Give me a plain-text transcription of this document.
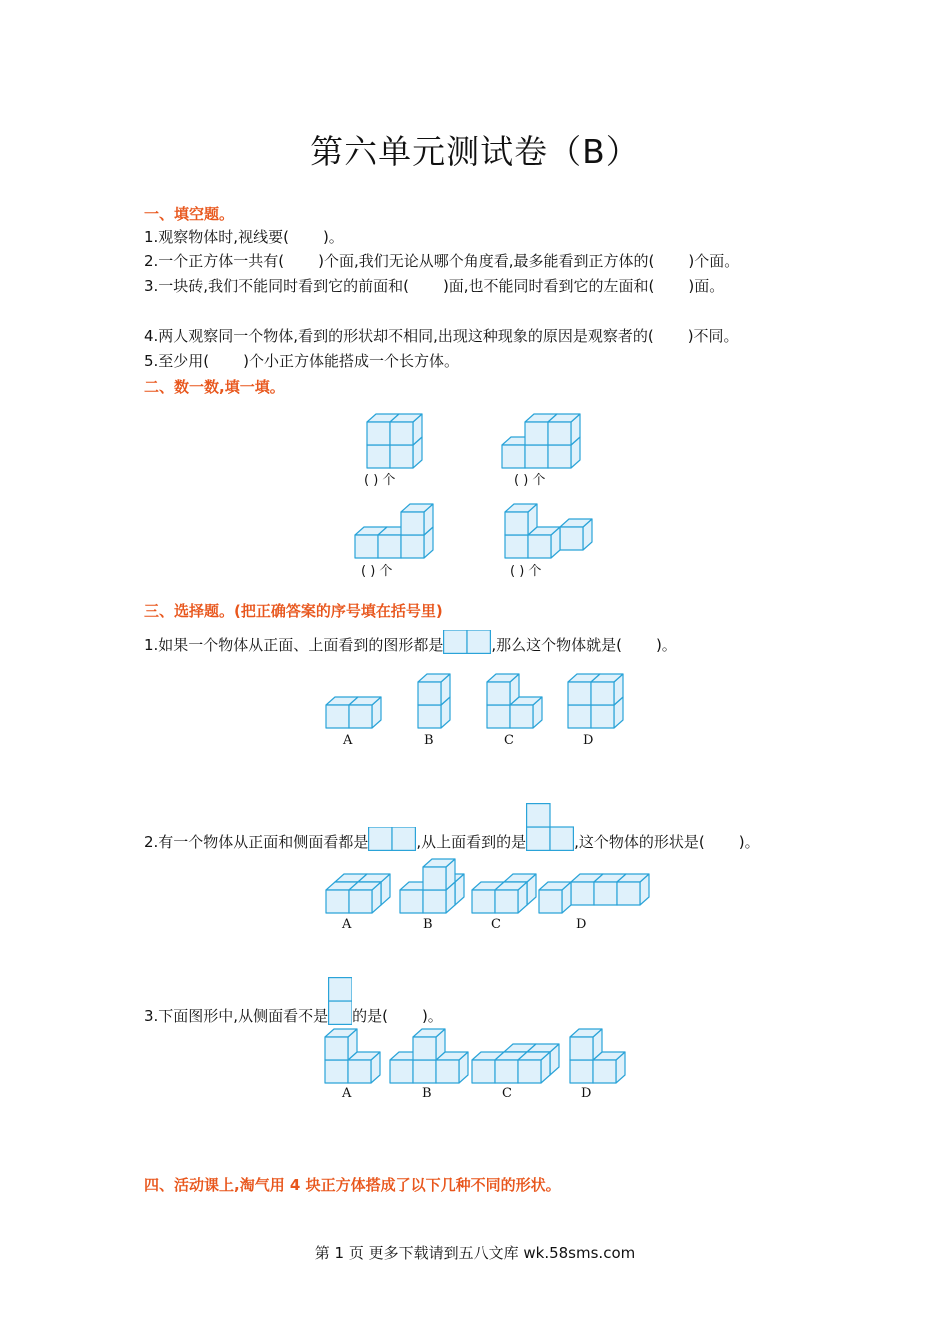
第六单元测试卷（B）
一、填空题。
1.观察物体时,视线要( )。
2.一个正方体一共有( )个面,我们无论从哪个角度看,最多能看到正方体的( )个面。
3.一块砖,我们不能同时看到它的前面和( )面,也不能同时看到它的左面和( )面。
4.两人观察同一个物体,看到的形状却不相同,出现这种现象的原因是观察者的( )不同。
5.至少用( )个小正方体能搭成一个长方体。
二、数一数,填一填。
( ) 个	( ) 个
( ) 个	( ) 个
三、选择题。(把正确答案的序号填在括号里)
1.如果一个物体从正面、上面看到的图形都是	,那么这个物体就是( )。
A	B	C	D
2.有一个物体从正面和侧面看都是	,从上面看到的是	,这个物体的形状是( )。
A	B	C	D
3.下面图形中,从侧面看不是 的是( )。
A	B	C	D
四、活动课上,淘气用 4 块正方体搭成了以下几种不同的形状。
第 1 页 更多下载请到五八文库 wk.58sms.com
